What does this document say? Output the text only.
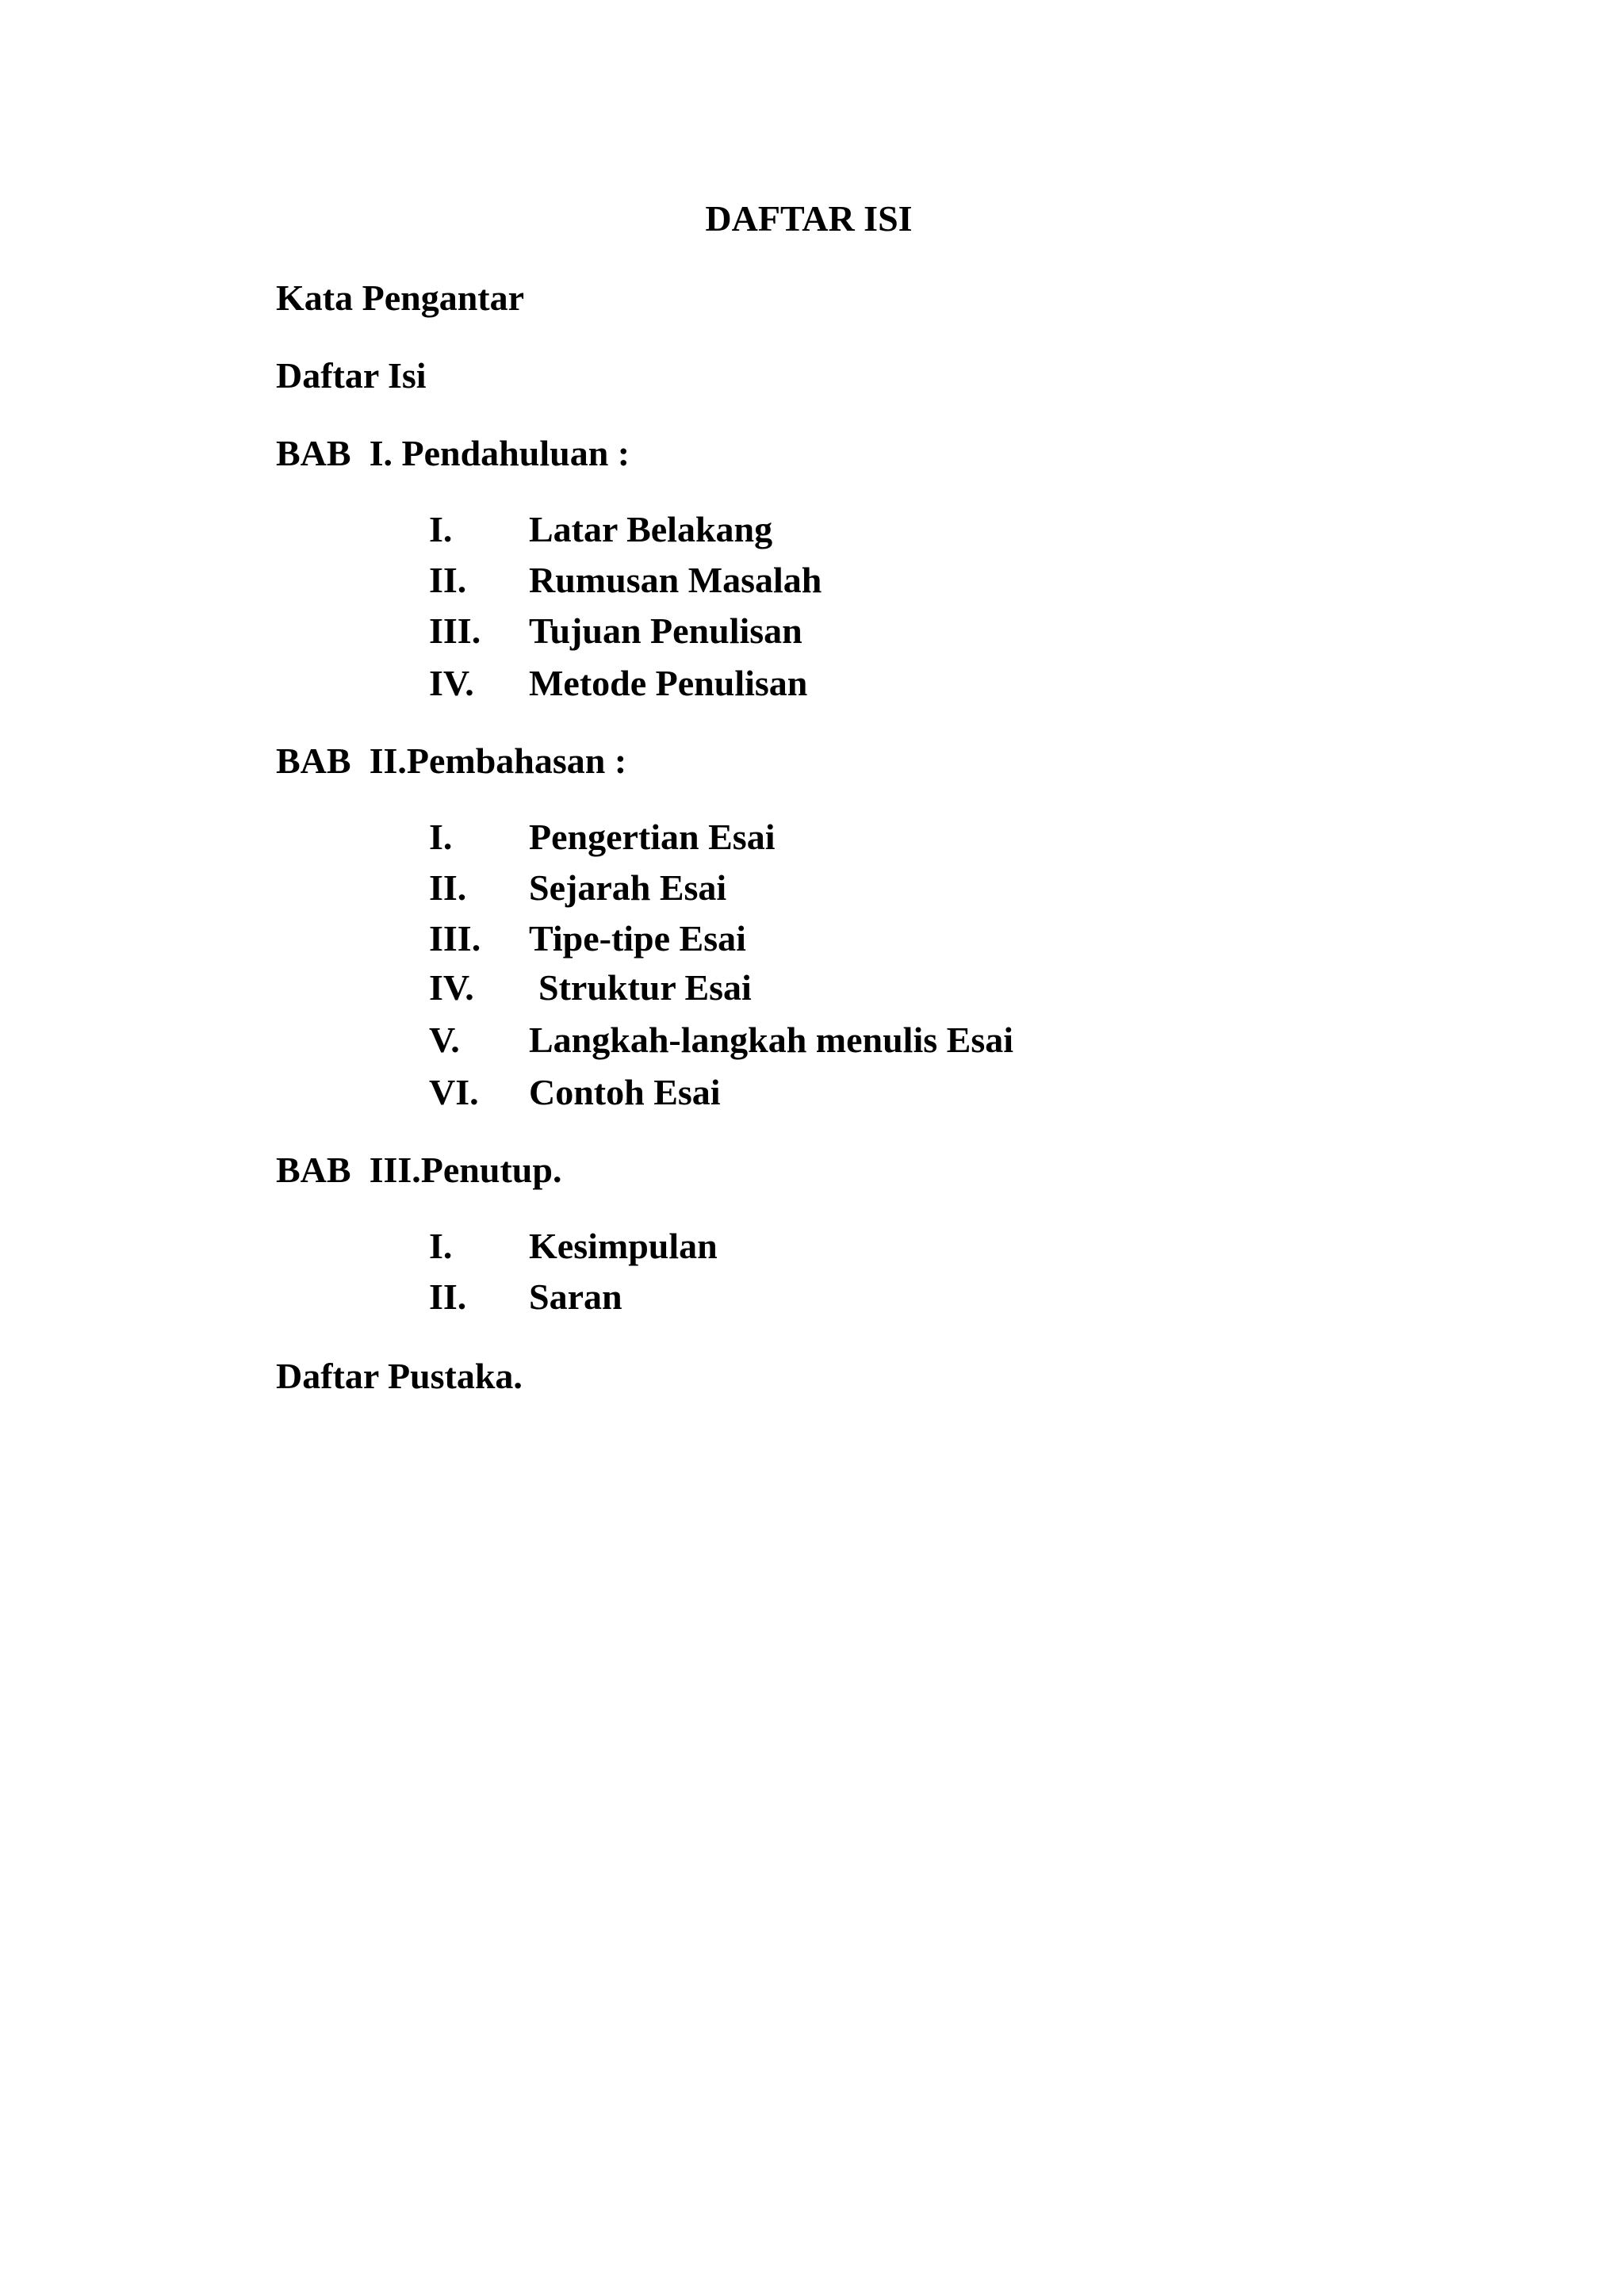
DAFTAR ISI
Kata Pengantar
Daftar Isi
BAB  I. Pendahuluan :
I. Latar Belakang
II. Rumusan Masalah
III. Tujuan Penulisan
IV. Metode Penulisan
BAB  II.Pembahasan :
I. Pengertian Esai
II. Sejarah Esai
III. Tipe-tipe Esai
IV. Struktur Esai
V. Langkah-langkah menulis Esai
VI. Contoh Esai
BAB  III.Penutup.
I. Kesimpulan
II. Saran
Daftar Pustaka.
